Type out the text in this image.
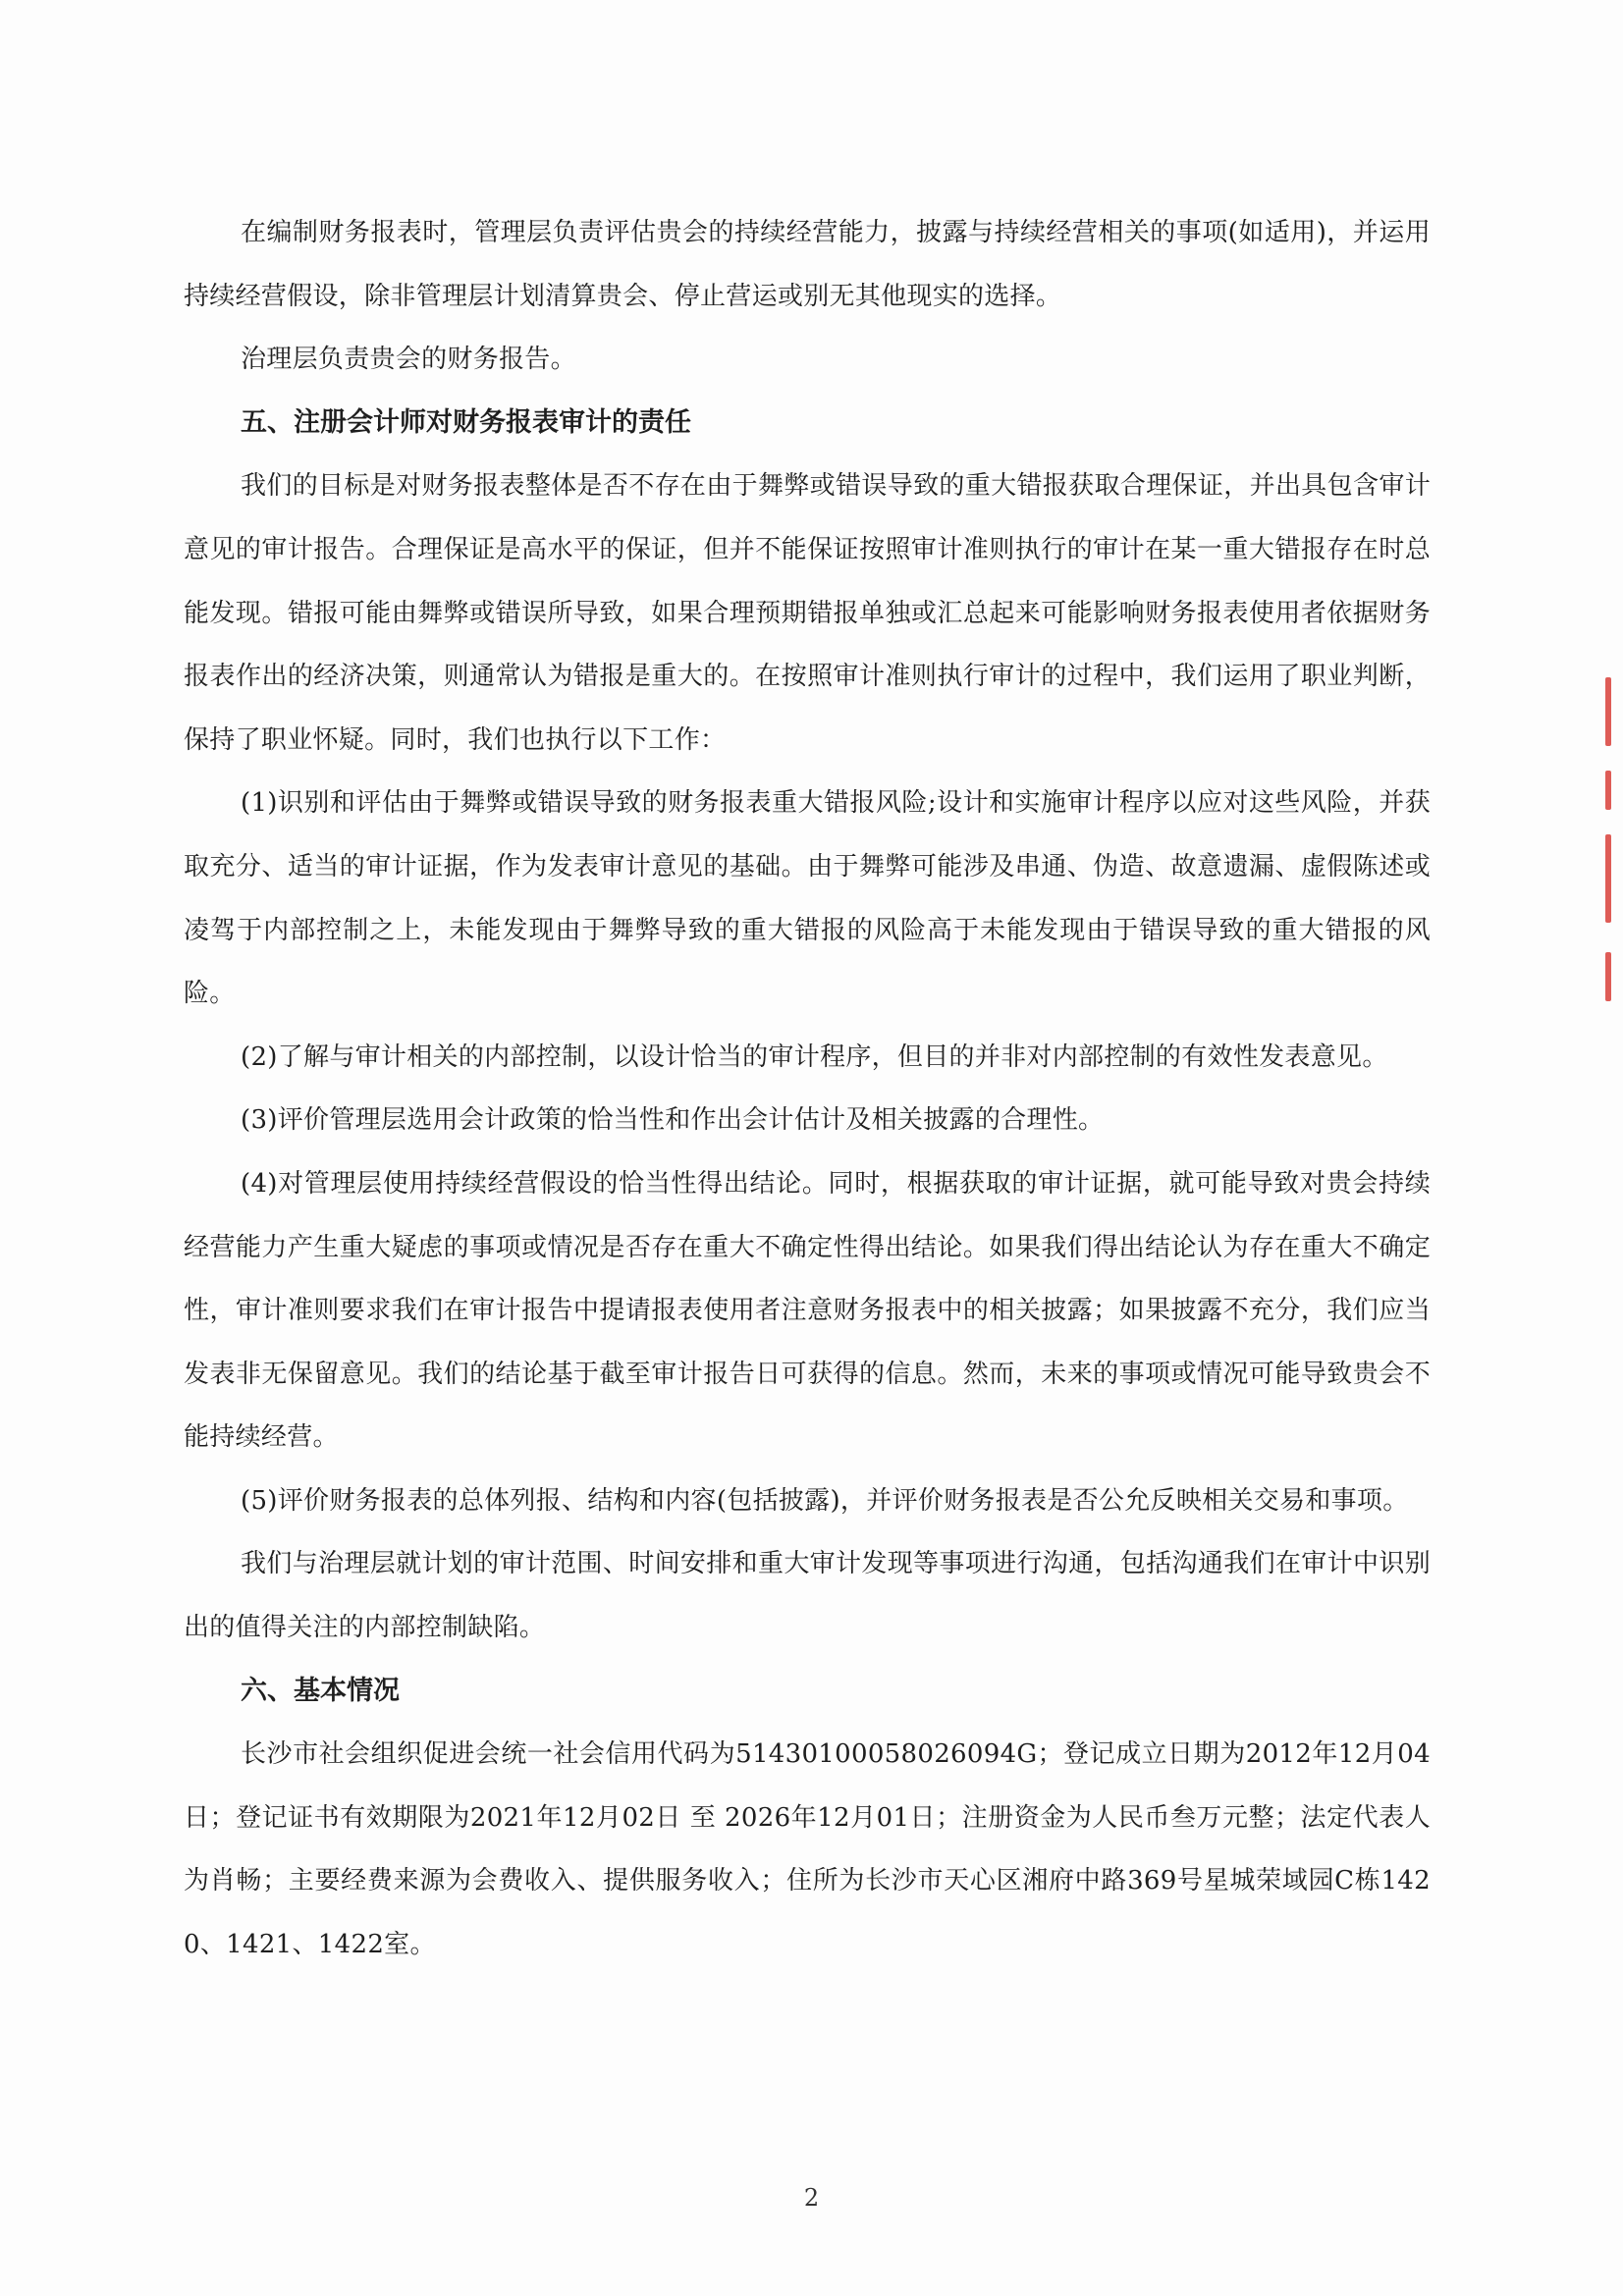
在编制财务报表时，管理层负责评估贵会的持续经营能力，披露与持续经营相关的事项(如适用)，并运用持续经营假设，除非管理层计划清算贵会、停止营运或别无其他现实的选择。

治理层负责贵会的财务报告。

五、注册会计师对财务报表审计的责任

我们的目标是对财务报表整体是否不存在由于舞弊或错误导致的重大错报获取合理保证，并出具包含审计意见的审计报告。合理保证是高水平的保证，但并不能保证按照审计准则执行的审计在某一重大错报存在时总能发现。错报可能由舞弊或错误所导致，如果合理预期错报单独或汇总起来可能影响财务报表使用者依据财务报表作出的经济决策，则通常认为错报是重大的。在按照审计准则执行审计的过程中，我们运用了职业判断，保持了职业怀疑。同时，我们也执行以下工作：

(1)识别和评估由于舞弊或错误导致的财务报表重大错报风险;设计和实施审计程序以应对这些风险，并获取充分、适当的审计证据，作为发表审计意见的基础。由于舞弊可能涉及串通、伪造、故意遗漏、虚假陈述或凌驾于内部控制之上，未能发现由于舞弊导致的重大错报的风险高于未能发现由于错误导致的重大错报的风险。

(2)了解与审计相关的内部控制，以设计恰当的审计程序，但目的并非对内部控制的有效性发表意见。

(3)评价管理层选用会计政策的恰当性和作出会计估计及相关披露的合理性。

(4)对管理层使用持续经营假设的恰当性得出结论。同时，根据获取的审计证据，就可能导致对贵会持续经营能力产生重大疑虑的事项或情况是否存在重大不确定性得出结论。如果我们得出结论认为存在重大不确定性，审计准则要求我们在审计报告中提请报表使用者注意财务报表中的相关披露；如果披露不充分，我们应当发表非无保留意见。我们的结论基于截至审计报告日可获得的信息。然而，未来的事项或情况可能导致贵会不能持续经营。

(5)评价财务报表的总体列报、结构和内容(包括披露)，并评价财务报表是否公允反映相关交易和事项。

我们与治理层就计划的审计范围、时间安排和重大审计发现等事项进行沟通，包括沟通我们在审计中识别出的值得关注的内部控制缺陷。

六、基本情况

长沙市社会组织促进会统一社会信用代码为51430100058026094G；登记成立日期为2012年12月04日；登记证书有效期限为2021年12月02日 至 2026年12月01日；注册资金为人民币叁万元整；法定代表人为肖畅；主要经费来源为会费收入、提供服务收入；住所为长沙市天心区湘府中路369号星城荣域园C栋1420、1421、1422室。

2
